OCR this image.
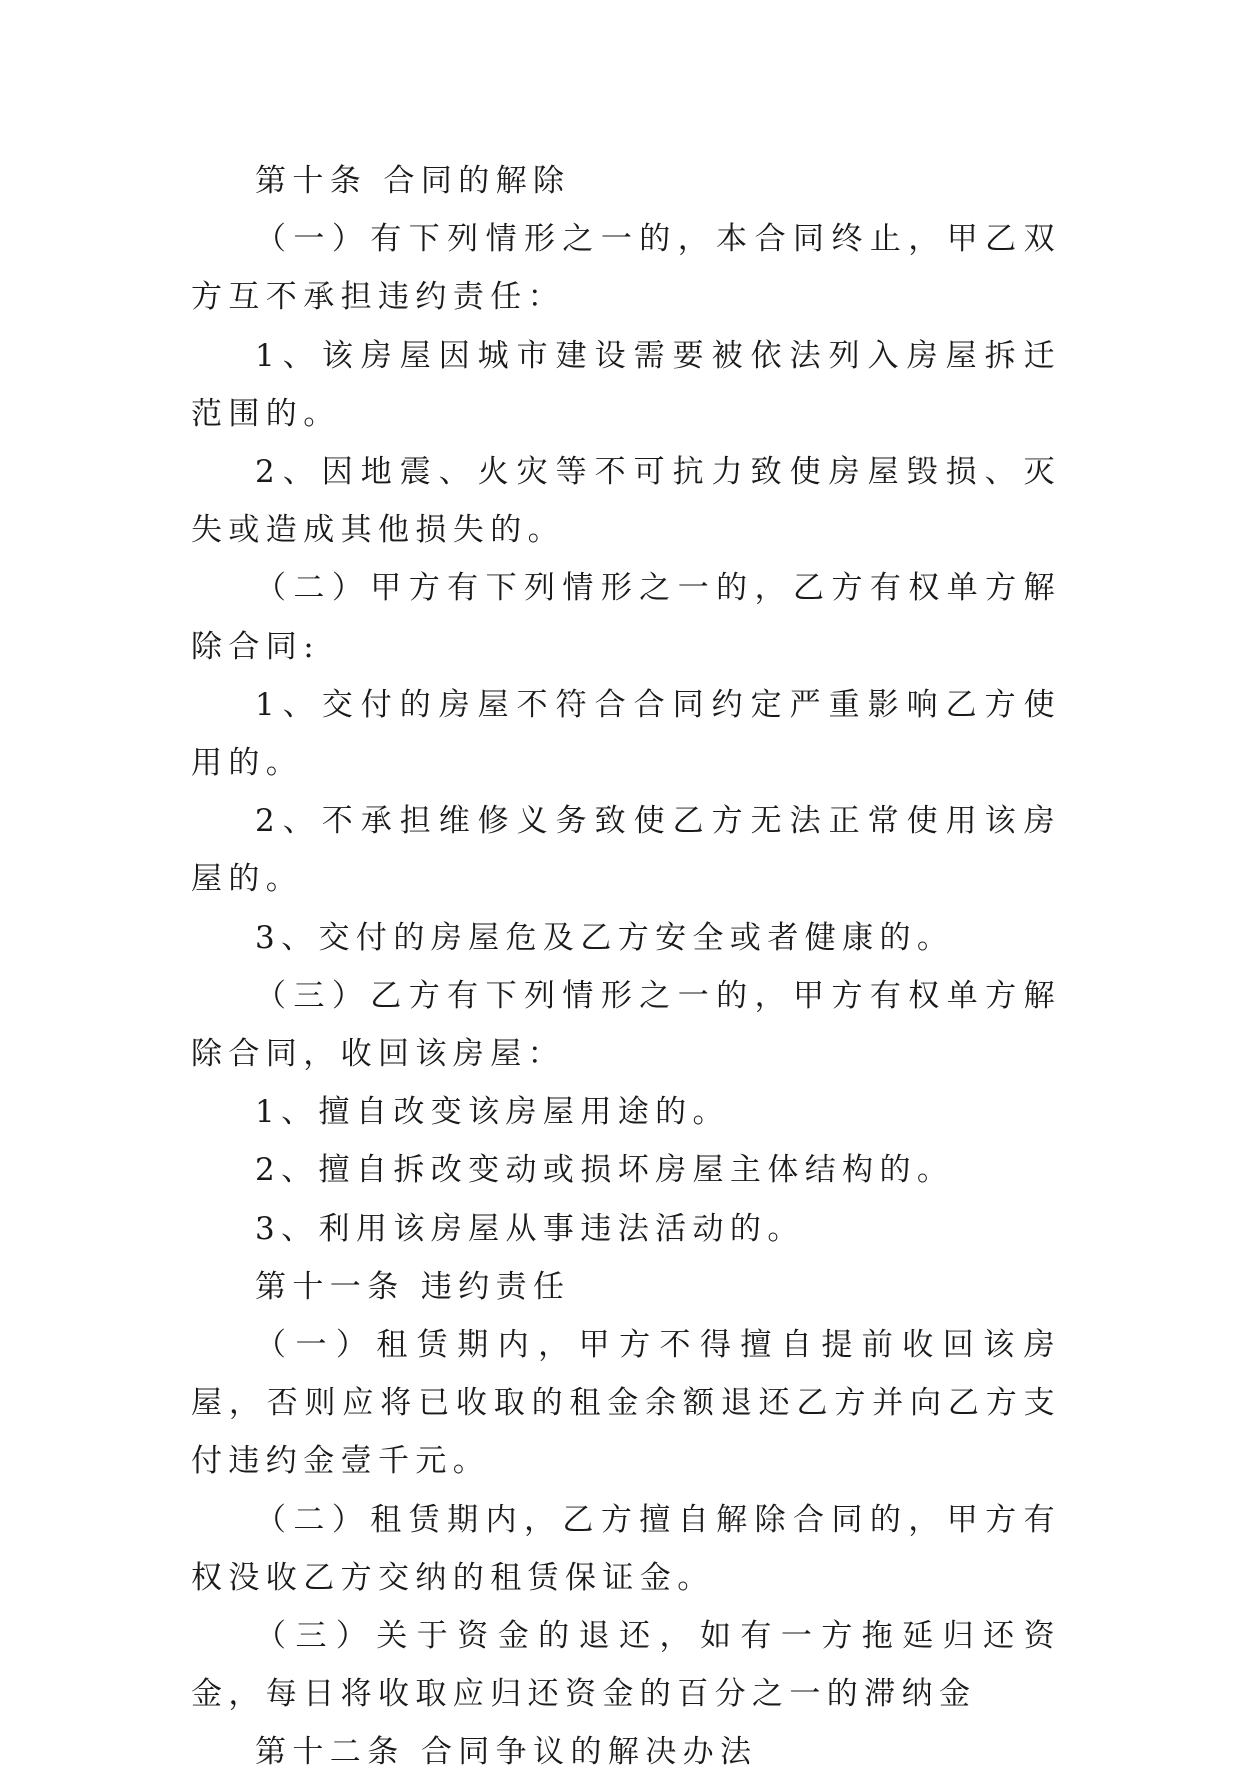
第十条 合同的解除

（一）有下列情形之一的，本合同终止，甲乙双方互不承担违约责任：

1、该房屋因城市建设需要被依法列入房屋拆迁范围的。

2、因地震、火灾等不可抗力致使房屋毁损、灭失或造成其他损失的。

（二）甲方有下列情形之一的，乙方有权单方解除合同:

1、交付的房屋不符合合同约定严重影响乙方使用的。

2、不承担维修义务致使乙方无法正常使用该房屋的。

3、交付的房屋危及乙方安全或者健康的。

（三）乙方有下列情形之一的，甲方有权单方解除合同，收回该房屋：

1、擅自改变该房屋用途的。

2、擅自拆改变动或损坏房屋主体结构的。

3、利用该房屋从事违法活动的。

第十一条 违约责任

（一）租赁期内，甲方不得擅自提前收回该房屋，否则应将已收取的租金余额退还乙方并向乙方支付违约金壹千元。

（二）租赁期内，乙方擅自解除合同的，甲方有权没收乙方交纳的租赁保证金。

（三）关于资金的退还，如有一方拖延归还资金，每日将收取应归还资金的百分之一的滞纳金

第十二条 合同争议的解决办法
